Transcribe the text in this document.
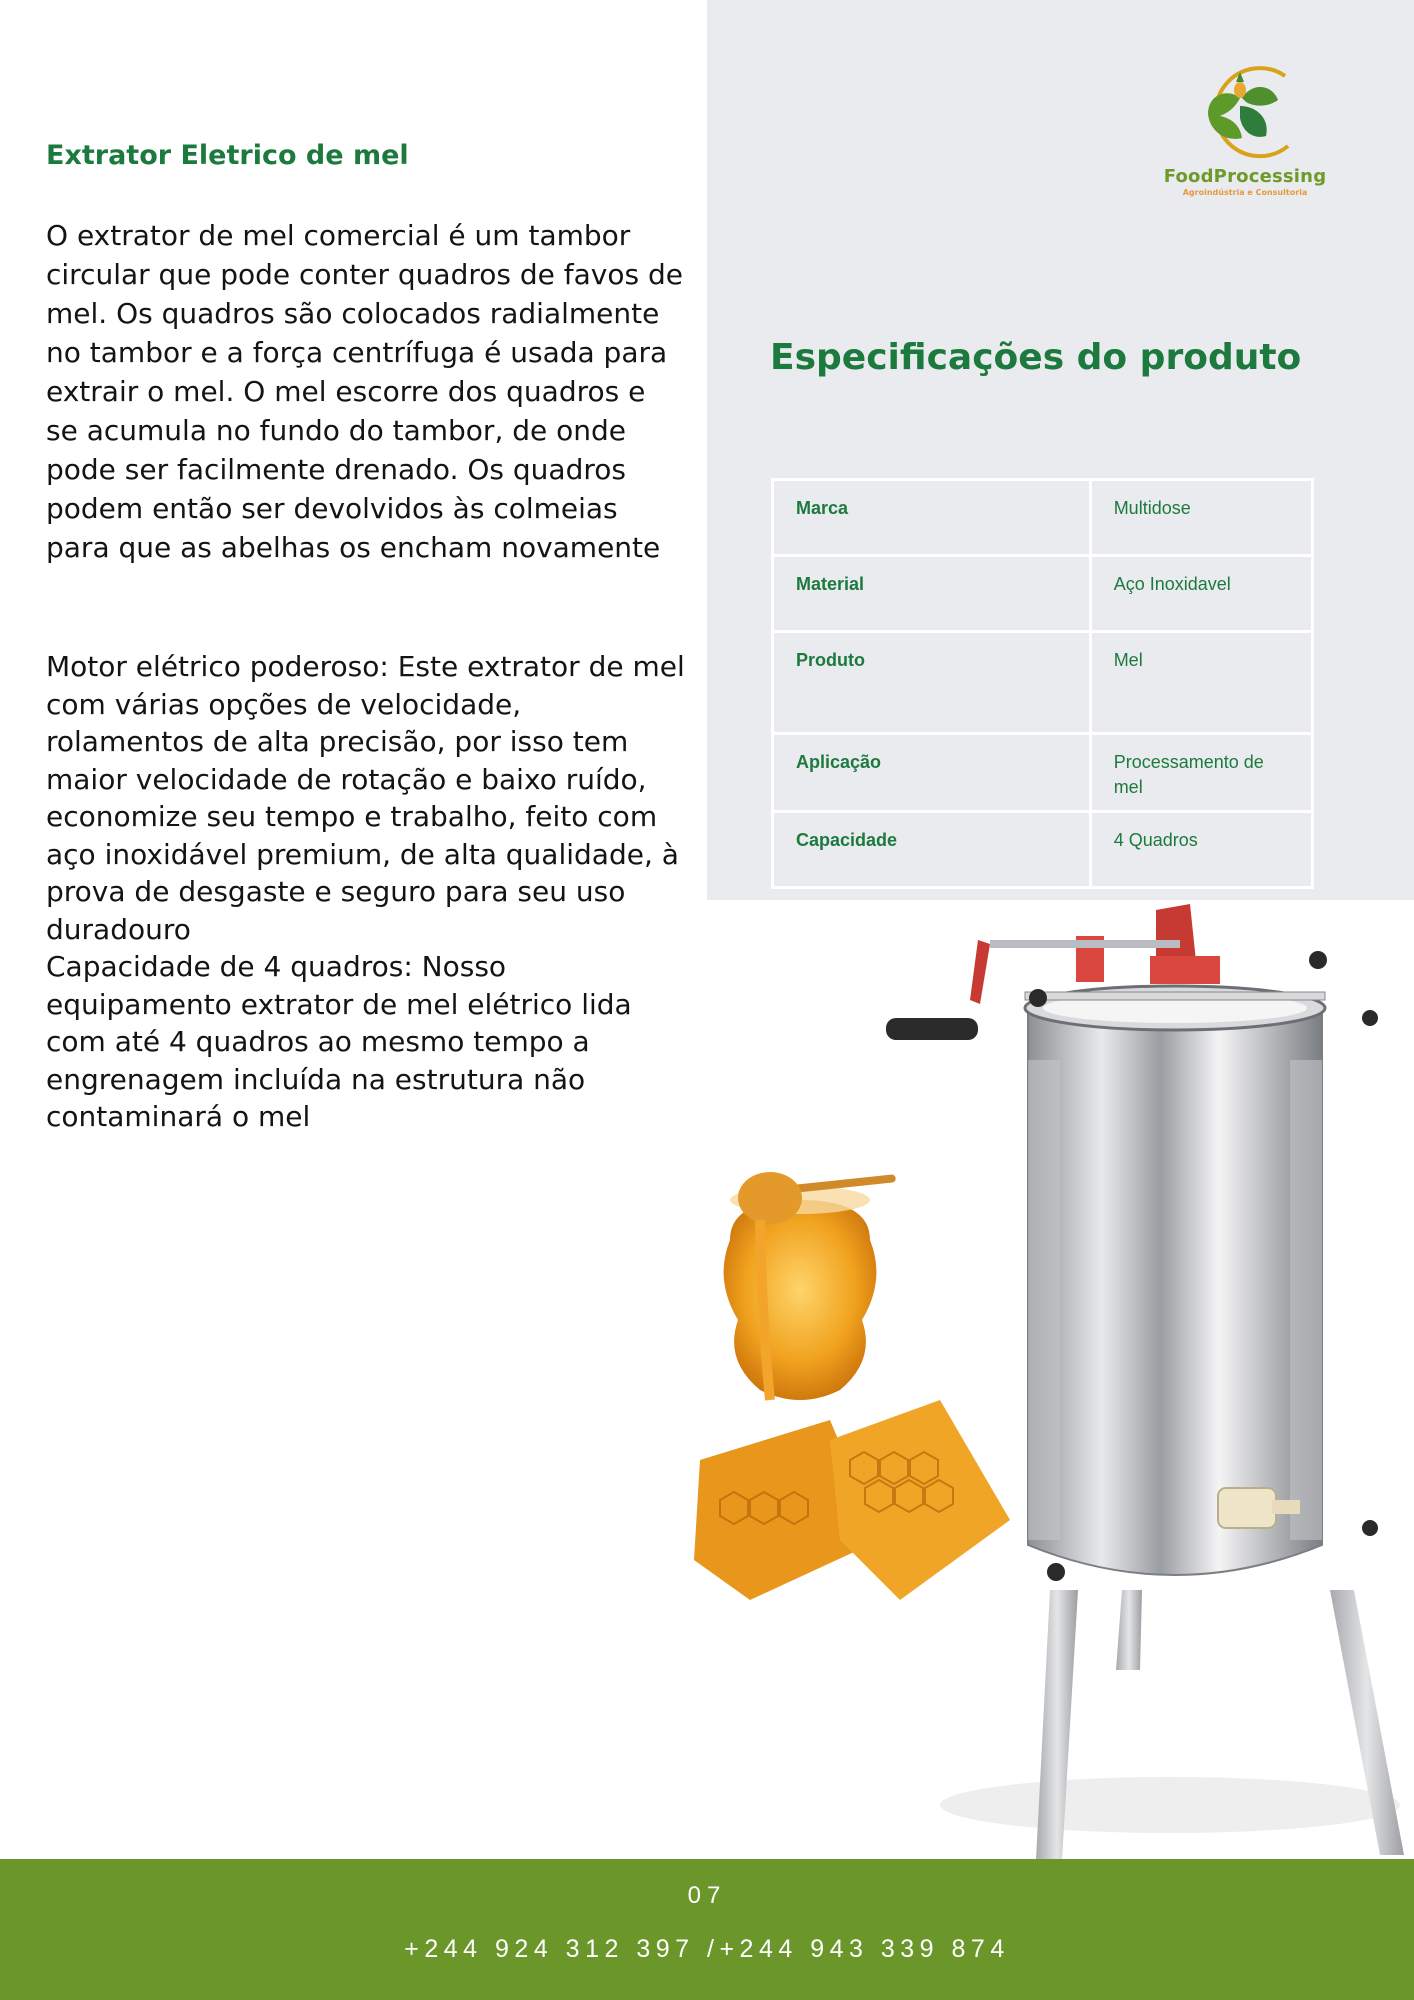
FoodProcessing
Agroindústria e Consultoria
Extrator Eletrico de mel

O extrator de mel comercial é um tambor circular que pode conter quadros de favos de mel. Os quadros são colocados radialmente no tambor e a força centrífuga é usada para extrair o mel. O mel escorre dos quadros e se acumula no fundo do tambor, de onde pode ser facilmente drenado. Os quadros podem então ser devolvidos às colmeias para que as abelhas os encham novamente

Motor elétrico poderoso: Este extrator de mel com várias opções de velocidade, rolamentos de alta precisão, por isso tem maior velocidade de rotação e baixo ruído, economize seu tempo e trabalho, feito com aço inoxidável premium, de alta qualidade, à prova de desgaste e seguro para seu uso duradouro

Capacidade de 4 quadros: Nosso equipamento extrator de mel elétrico lida com até 4 quadros ao mesmo tempo a engrenagem incluída na estrutura não contaminará o mel

Especificações do produto
Marca	Multidose
Material	Aço Inoxidavel
Produto	Mel
Aplicação	Processamento de mel
Capacidade	4 Quadros
07
+244 924 312 397 /+244 943 339 874
